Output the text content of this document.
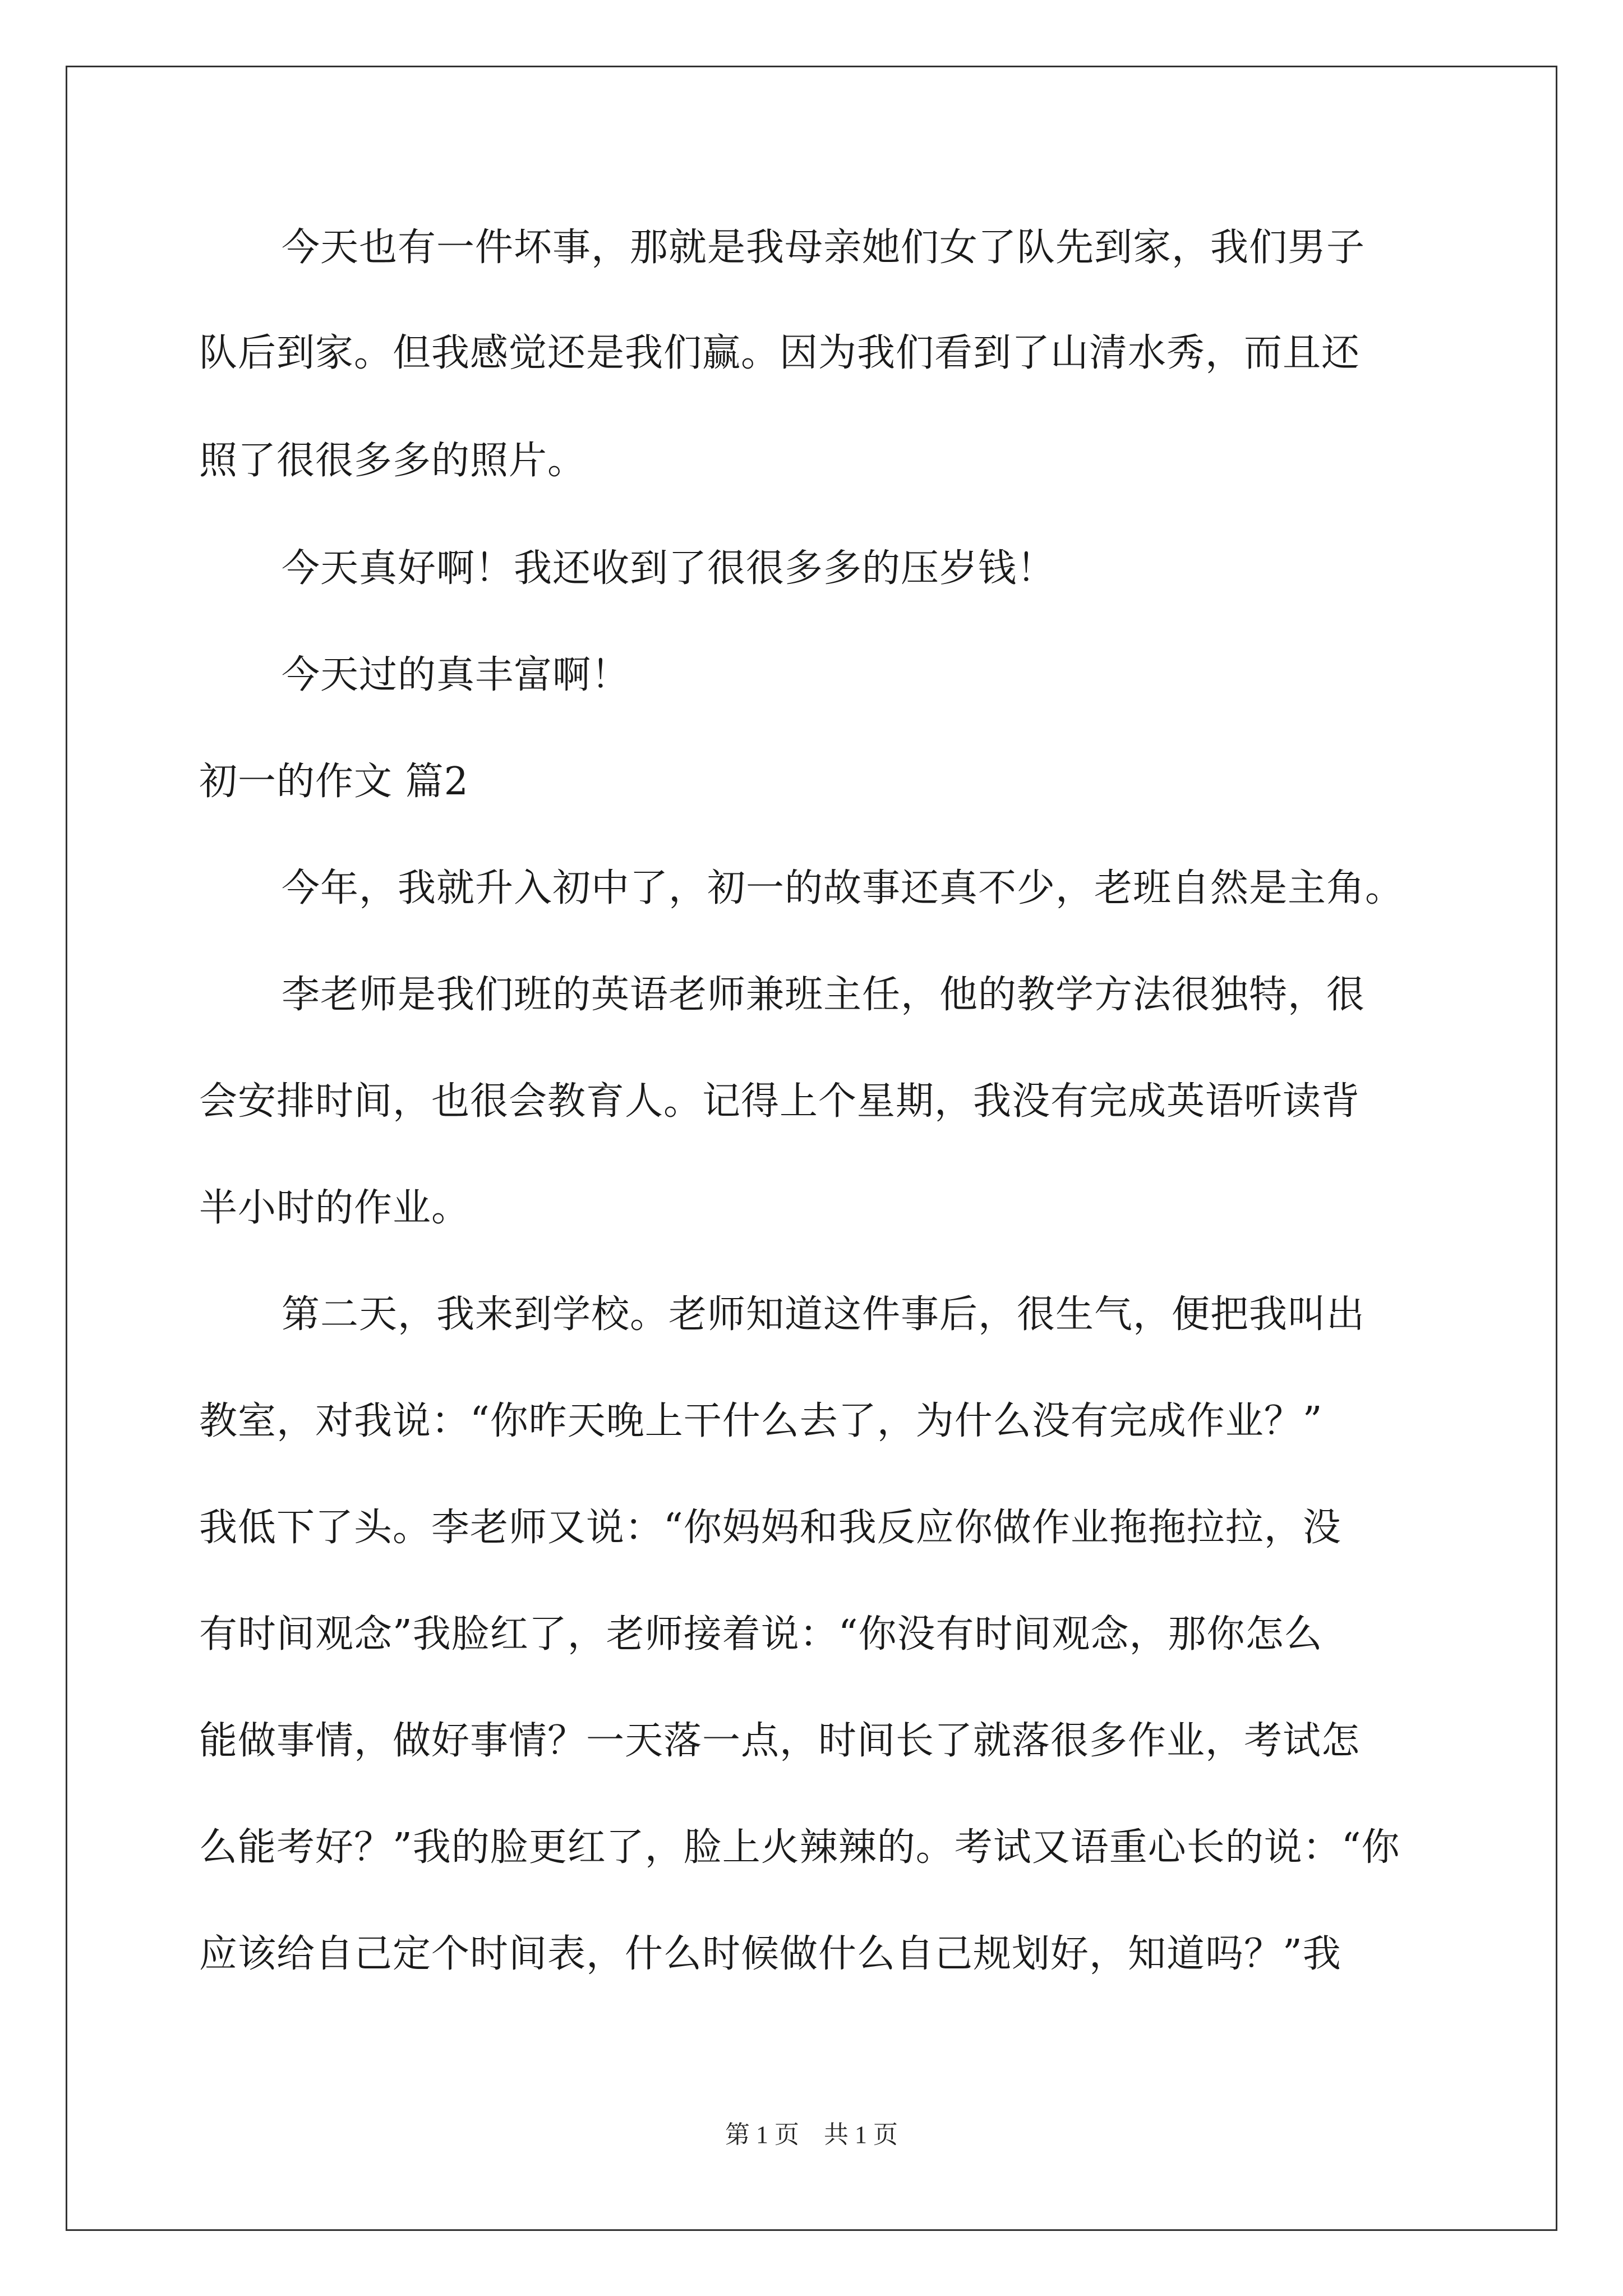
今天也有一件坏事，那就是我母亲她们女了队先到家，我们男子
队后到家。但我感觉还是我们赢。因为我们看到了山清水秀，而且还
照了很很多多的照片。
今天真好啊！我还收到了很很多多的压岁钱！
今天过的真丰富啊！
初一的作文 篇2
今年，我就升入初中了，初一的故事还真不少，老班自然是主角。
李老师是我们班的英语老师兼班主任，他的教学方法很独特，很
会安排时间，也很会教育人。记得上个星期，我没有完成英语听读背
半小时的作业。
第二天，我来到学校。老师知道这件事后，很生气，便把我叫出
教室，对我说：“你昨天晚上干什么去了，为什么没有完成作业？”
我低下了头。李老师又说：“你妈妈和我反应你做作业拖拖拉拉，没
有时间观念”我脸红了，老师接着说：“你没有时间观念，那你怎么
能做事情，做好事情？一天落一点，时间长了就落很多作业，考试怎
么能考好？”我的脸更红了，脸上火辣辣的。考试又语重心长的说：“你
应该给自己定个时间表，什么时候做什么自己规划好，知道吗？”我
第 1 页    共 1 页
